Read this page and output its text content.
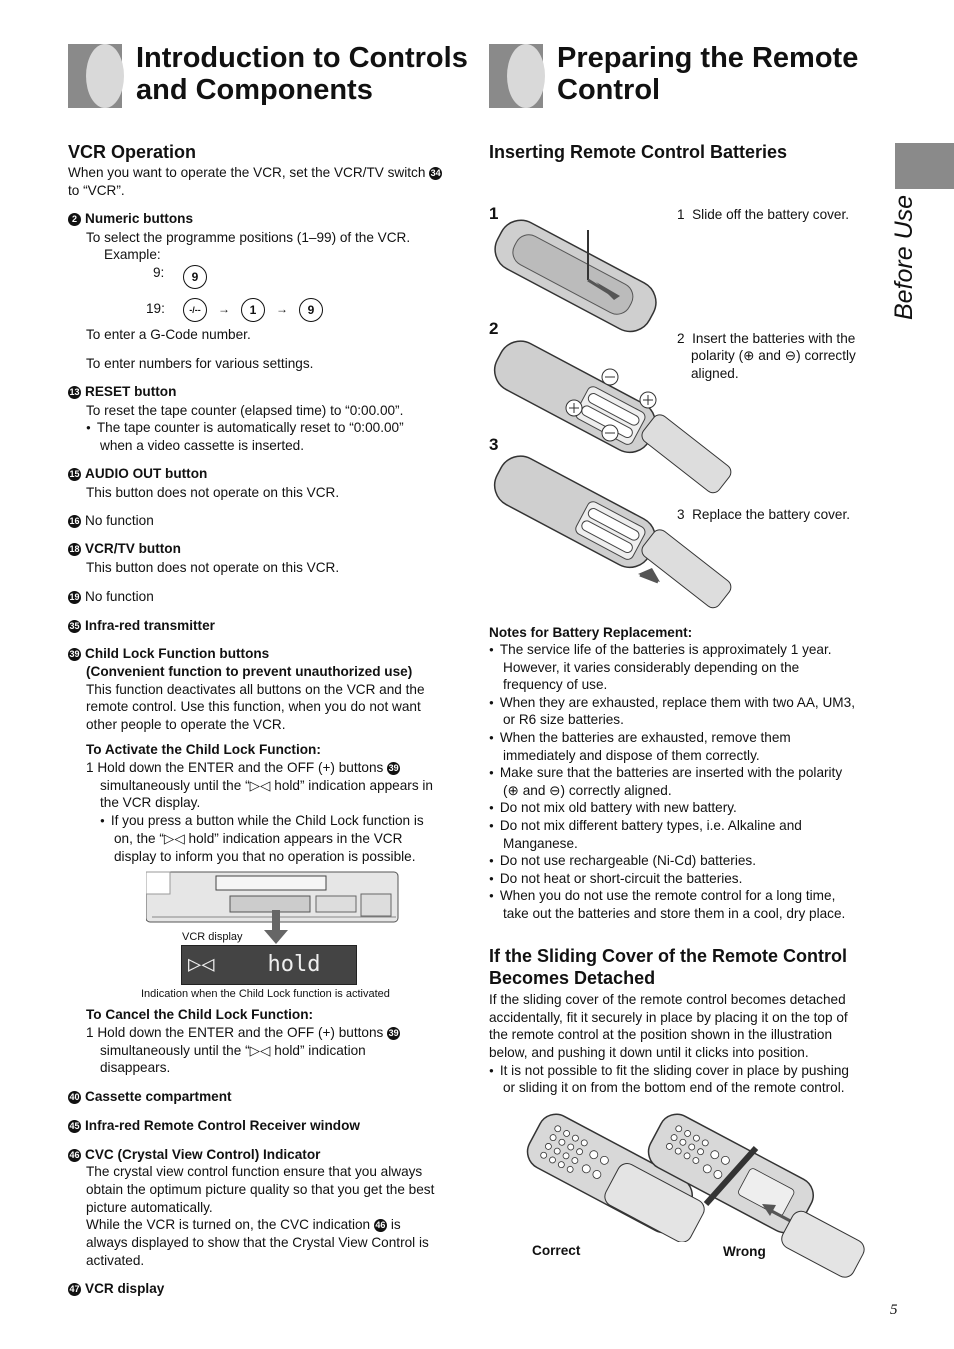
Introduction to Controls
and Components
Preparing the Remote
Control
Before Use
VCR Operation
When you want to operate the VCR, set the VCR/TV switch 34
to “VCR”.
2 Numeric buttons
To select the programme positions (1–99) of the VCR.
Example:
9:	9
19:	-/--	→	1	→	9
To enter a G-Code number.
To enter numbers for various settings.
13 RESET button
To reset the tape counter (elapsed time) to “0:00.00”.
● The tape counter is automatically reset to “0:00.00”
when a video cassette is inserted.
15 AUDIO OUT button
This button does not operate on this VCR.
16 No function
18 VCR/TV button
This button does not operate on this VCR.
19 No function
35 Infra-red transmitter
39 Child Lock Function buttons
(Convenient function to prevent unauthorized use)
This function deactivates all buttons on the VCR and the
remote control. Use this function, when you do not want
other people to operate the VCR.
To Activate the Child Lock Function:
1 Hold down the ENTER and the OFF (+) buttons 39
simultaneously until the “▷◁ hold” indication appears in
the VCR display.
● If you press a button while the Child Lock function is
on, the “▷◁ hold” indication appears in the VCR
display to inform you that no operation is possible.
VCR display
▷◁    hold
Indication when the Child Lock function is activated
To Cancel the Child Lock Function:
1 Hold down the ENTER and the OFF (+) buttons 39
simultaneously until the “▷◁ hold” indication
disappears.
40 Cassette compartment
45 Infra-red Remote Control Receiver window
46 CVC (Crystal View Control) Indicator
The crystal view control function ensure that you always
obtain the optimum picture quality so that you get the best
picture automatically.
While the VCR is turned on, the CVC indication 46 is
always displayed to show that the Crystal View Control is
activated.
47 VCR display
Inserting Remote Control Batteries
1
2
3
1  Slide off the battery cover.
2  Insert the batteries with the
polarity (⊕ and ⊖) correctly
aligned.
3  Replace the battery cover.
Notes for Battery Replacement:
● The service life of the batteries is approximately 1 year.
However, it varies considerably depending on the
frequency of use.
● When they are exhausted, replace them with two AA, UM3,
or R6 size batteries.
● When the batteries are exhausted, remove them
immediately and dispose of them correctly.
● Make sure that the batteries are inserted with the polarity
(⊕ and ⊖) correctly aligned.
● Do not mix old battery with new battery.
● Do not mix different battery types, i.e. Alkaline and
Manganese.
● Do not use rechargeable (Ni-Cd) batteries.
● Do not heat or short-circuit the batteries.
● When you do not use the remote control for a long time,
take out the batteries and store them in a cool, dry place.
If the Sliding Cover of the Remote Control
Becomes Detached
If the sliding cover of the remote control becomes detached
accidentally, fit it securely in place by placing it on the top of
the remote control at the position shown in the illustration
below, and pushing it down until it clicks into position.
● It is not possible to fit the sliding cover in place by pushing
or sliding it on from the bottom end of the remote control.
Correct	Wrong
5
